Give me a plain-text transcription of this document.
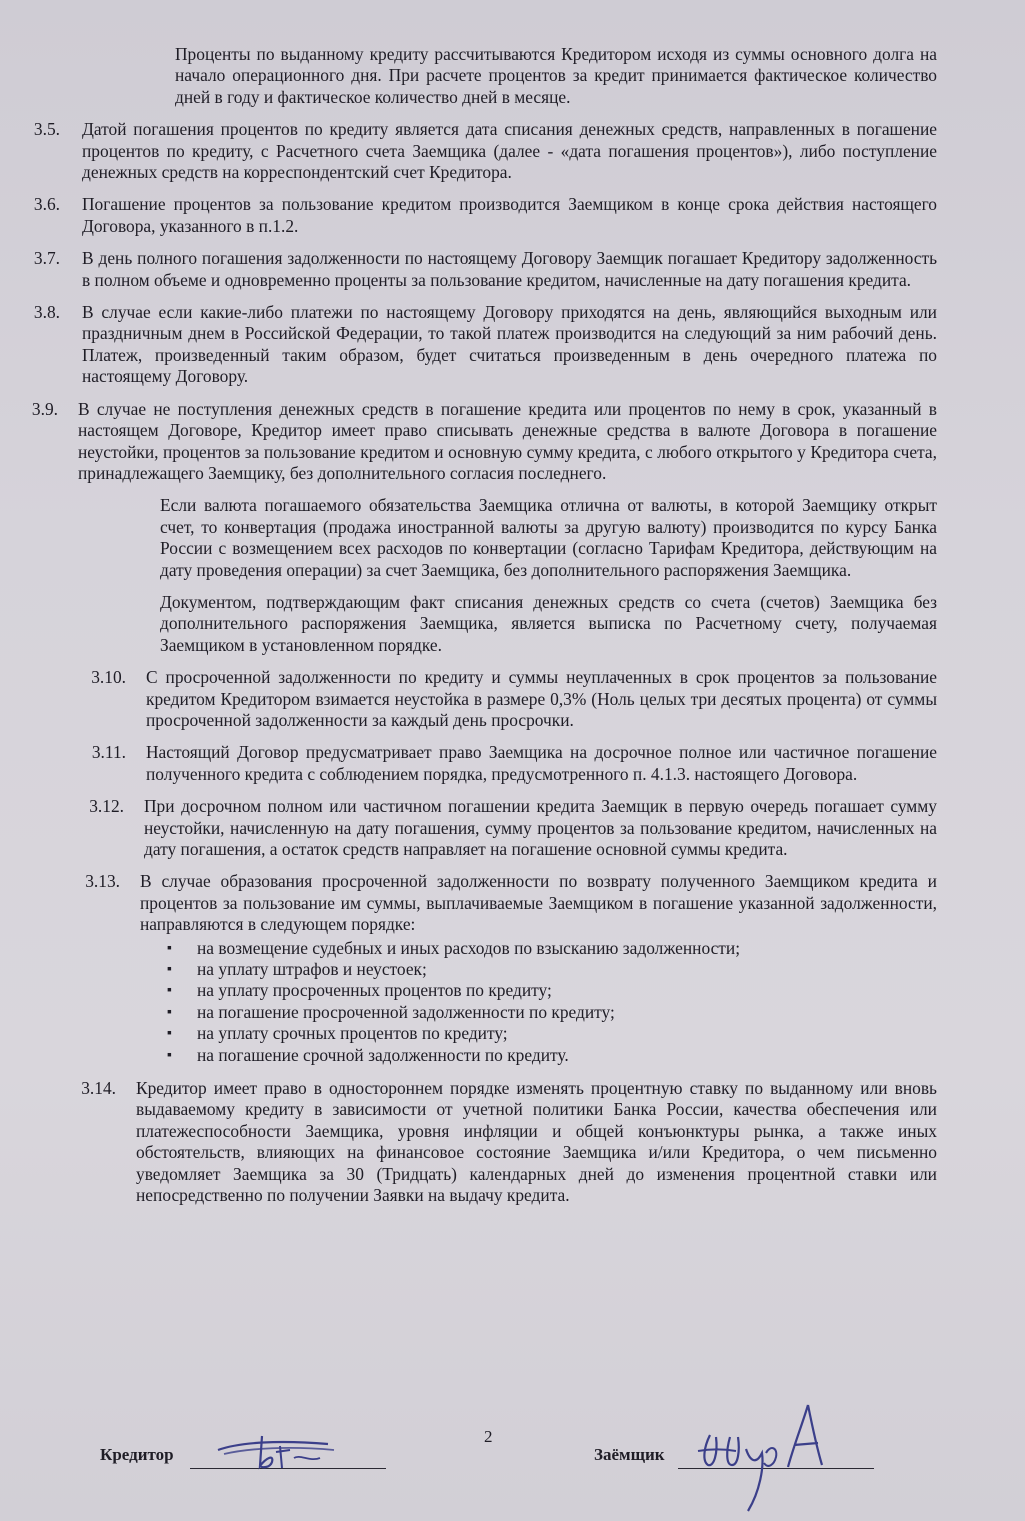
Проценты по выданному кредиту рассчитываются Кредитором исходя из суммы основного долга на начало операционного дня. При расчете процентов за кредит принимается фактическое количество дней в году и фактическое количество дней в месяце.
3.5.	Датой погашения процентов по кредиту является дата списания денежных средств, направленных в погашение процентов по кредиту, с Расчетного счета Заемщика (далее - «дата погашения процентов»), либо поступление денежных средств на корреспондентский счет Кредитора.
3.6.	Погашение процентов за пользование кредитом производится Заемщиком в конце срока действия настоящего Договора, указанного в п.1.2.
3.7.	В день полного погашения задолженности по настоящему Договору Заемщик погашает Кредитору задолженность в полном объеме и одновременно проценты за пользование кредитом, начисленные на дату погашения кредита.
3.8.	В случае если какие-либо платежи по настоящему Договору приходятся на день, являющийся выходным или праздничным днем в Российской Федерации, то такой платеж производится на следующий за ним рабочий день. Платеж, произведенный таким образом, будет считаться произведенным в день очередного платежа по настоящему Договору.
3.9.	В случае не поступления денежных средств в погашение кредита или процентов по нему в срок, указанный в настоящем Договоре, Кредитор имеет право списывать денежные средства в валюте Договора в погашение неустойки, процентов за пользование кредитом и основную сумму кредита, с любого открытого у Кредитора счета, принадлежащего Заемщику, без дополнительного согласия последнего.
Если валюта погашаемого обязательства Заемщика отлична от валюты, в которой Заемщику открыт счет, то конвертация (продажа иностранной валюты за другую валюту) производится по курсу Банка России с возмещением всех расходов по конвертации (согласно Тарифам Кредитора, действующим на дату проведения операции) за счет Заемщика, без дополнительного распоряжения Заемщика.
Документом, подтверждающим факт списания денежных средств со счета (счетов) Заемщика без дополнительного распоряжения Заемщика, является выписка по Расчетному счету, получаемая Заемщиком в установленном порядке.
3.10.	С просроченной задолженности по кредиту и суммы неуплаченных в срок процентов за пользование кредитом Кредитором взимается неустойка в размере 0,3% (Ноль целых три десятых процента) от суммы просроченной задолженности за каждый день просрочки.
3.11.	Настоящий Договор предусматривает право Заемщика на досрочное полное или частичное погашение полученного кредита с соблюдением порядка, предусмотренного п. 4.1.3. настоящего Договора.
3.12.	При досрочном полном или частичном погашении кредита Заемщик в первую очередь погашает сумму неустойки, начисленную на дату погашения, сумму процентов за пользование кредитом, начисленных на дату погашения, а остаток средств направляет на погашение основной суммы кредита.
3.13.	В случае образования просроченной задолженности по возврату полученного Заемщиком кредита и процентов за пользование им суммы, выплачиваемые Заемщиком в погашение указанной задолженности, направляются в следующем порядке:
▪ на возмещение судебных и иных расходов по взысканию задолженности;
▪ на уплату штрафов и неустоек;
▪ на уплату просроченных процентов по кредиту;
▪ на погашение просроченной задолженности по кредиту;
▪ на уплату срочных процентов по кредиту;
▪ на погашение срочной задолженности по кредиту.
3.14.	Кредитор имеет право в одностороннем порядке изменять процентную ставку по выданному или вновь выдаваемому кредиту в зависимости от учетной политики Банка России, качества обеспечения или платежеспособности Заемщика, уровня инфляции и общей конъюнктуры рынка, а также иных обстоятельств, влияющих на финансовое состояние Заемщика и/или Кредитора, о чем письменно уведомляет Заемщика за 30 (Тридцать) календарных дней до изменения процентной ставки или непосредственно по получении Заявки на выдачу кредита.
2
Кредитор	Заёмщик
